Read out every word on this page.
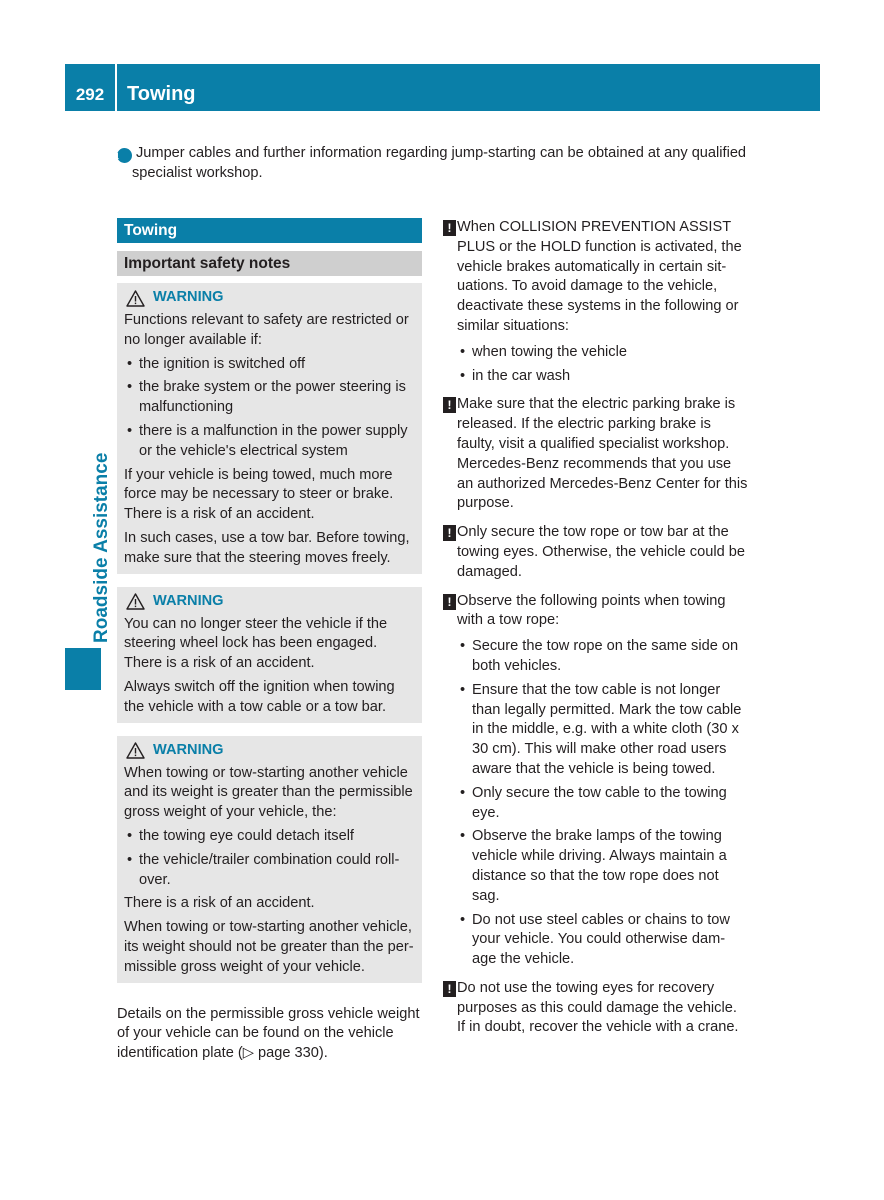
292	Towing
Roadside Assistance

i Jumper cables and further information regarding jump-starting can be obtained at any qualified specialist workshop.

Towing
Important safety notes
WARNING

Functions relevant to safety are restricted or no longer available if:

• the ignition is switched off
• the brake system or the power steering is malfunctioning
• there is a malfunction in the power supply or the vehicle's electrical system

If your vehicle is being towed, much more force may be necessary to steer or brake. There is a risk of an accident.

In such cases, use a tow bar. Before towing, make sure that the steering moves freely.

WARNING

You can no longer steer the vehicle if the steering wheel lock has been engaged. There is a risk of an accident.

Always switch off the ignition when towing the vehicle with a tow cable or a tow bar.

WARNING

When towing or tow-starting another vehicle and its weight is greater than the permissible gross weight of your vehicle, the:

• the towing eye could detach itself
• the vehicle/trailer combination could roll-over.

There is a risk of an accident.

When towing or tow-starting another vehicle, its weight should not be greater than the per-missible gross weight of your vehicle.

Details on the permissible gross vehicle weight of your vehicle can be found on the vehicle identification plate (▷ page 330).

! When COLLISION PREVENTION ASSIST PLUS or the HOLD function is activated, the vehicle brakes automatically in certain sit-uations. To avoid damage to the vehicle, deactivate these systems in the following or similar situations:

• when towing the vehicle
• in the car wash
! Make sure that the electric parking brake is released. If the electric parking brake is faulty, visit a qualified specialist workshop. Mercedes-Benz recommends that you use an authorized Mercedes-Benz Center for this purpose.

! Only secure the tow rope or tow bar at the towing eyes. Otherwise, the vehicle could be damaged.

! Observe the following points when towing with a tow rope:

• Secure the tow rope on the same side on both vehicles.
• Ensure that the tow cable is not longer than legally permitted. Mark the tow cable in the middle, e.g. with a white cloth (30 x 30 cm). This will make other road users aware that the vehicle is being towed.
• Only secure the tow cable to the towing eye.
• Observe the brake lamps of the towing vehicle while driving. Always maintain a distance so that the tow rope does not sag.
• Do not use steel cables or chains to tow your vehicle. You could otherwise dam-age the vehicle.
! Do not use the towing eyes for recovery purposes as this could damage the vehicle. If in doubt, recover the vehicle with a crane.
